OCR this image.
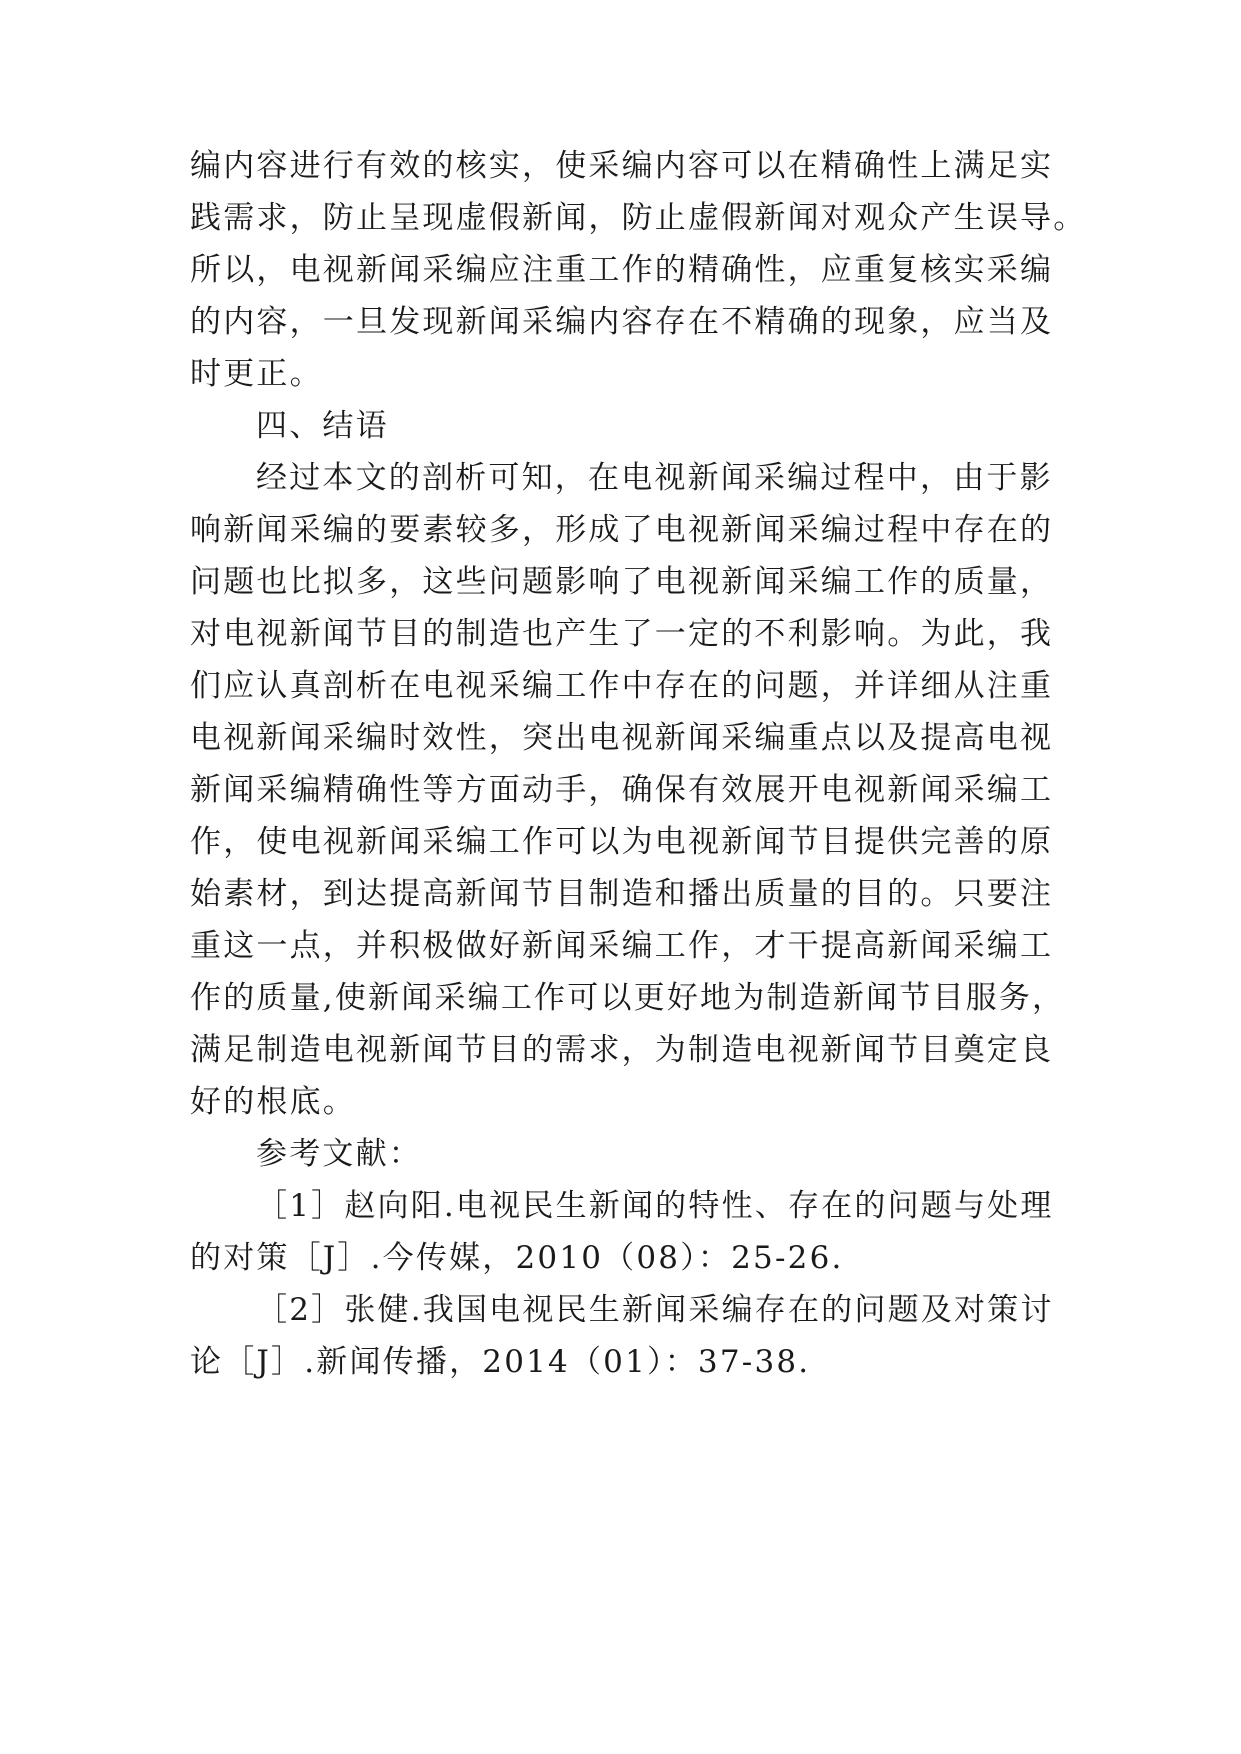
编内容进行有效的核实，使采编内容可以在精确性上满足实
践需求，防止呈现虚假新闻，防止虚假新闻对观众产生误导。
所以，电视新闻采编应注重工作的精确性，应重复核实采编
的内容，一旦发现新闻采编内容存在不精确的现象，应当及
时更正。
四、结语
经过本文的剖析可知，在电视新闻采编过程中，由于影
响新闻采编的要素较多，形成了电视新闻采编过程中存在的
问题也比拟多，这些问题影响了电视新闻采编工作的质量，
对电视新闻节目的制造也产生了一定的不利影响。为此，我
们应认真剖析在电视采编工作中存在的问题，并详细从注重
电视新闻采编时效性，突出电视新闻采编重点以及提高电视
新闻采编精确性等方面动手，确保有效展开电视新闻采编工
作，使电视新闻采编工作可以为电视新闻节目提供完善的原
始素材，到达提高新闻节目制造和播出质量的目的。只要注
重这一点，并积极做好新闻采编工作，才干提高新闻采编工
作的质量,使新闻采编工作可以更好地为制造新闻节目服务，
满足制造电视新闻节目的需求，为制造电视新闻节目奠定良
好的根底。
参考文献：
［1］赵向阳.电视民生新闻的特性、存在的问题与处理
的对策［J］.今传媒，2010（08）：25-26.
［2］张健.我国电视民生新闻采编存在的问题及对策讨
论［J］.新闻传播，2014（01）：37-38.
